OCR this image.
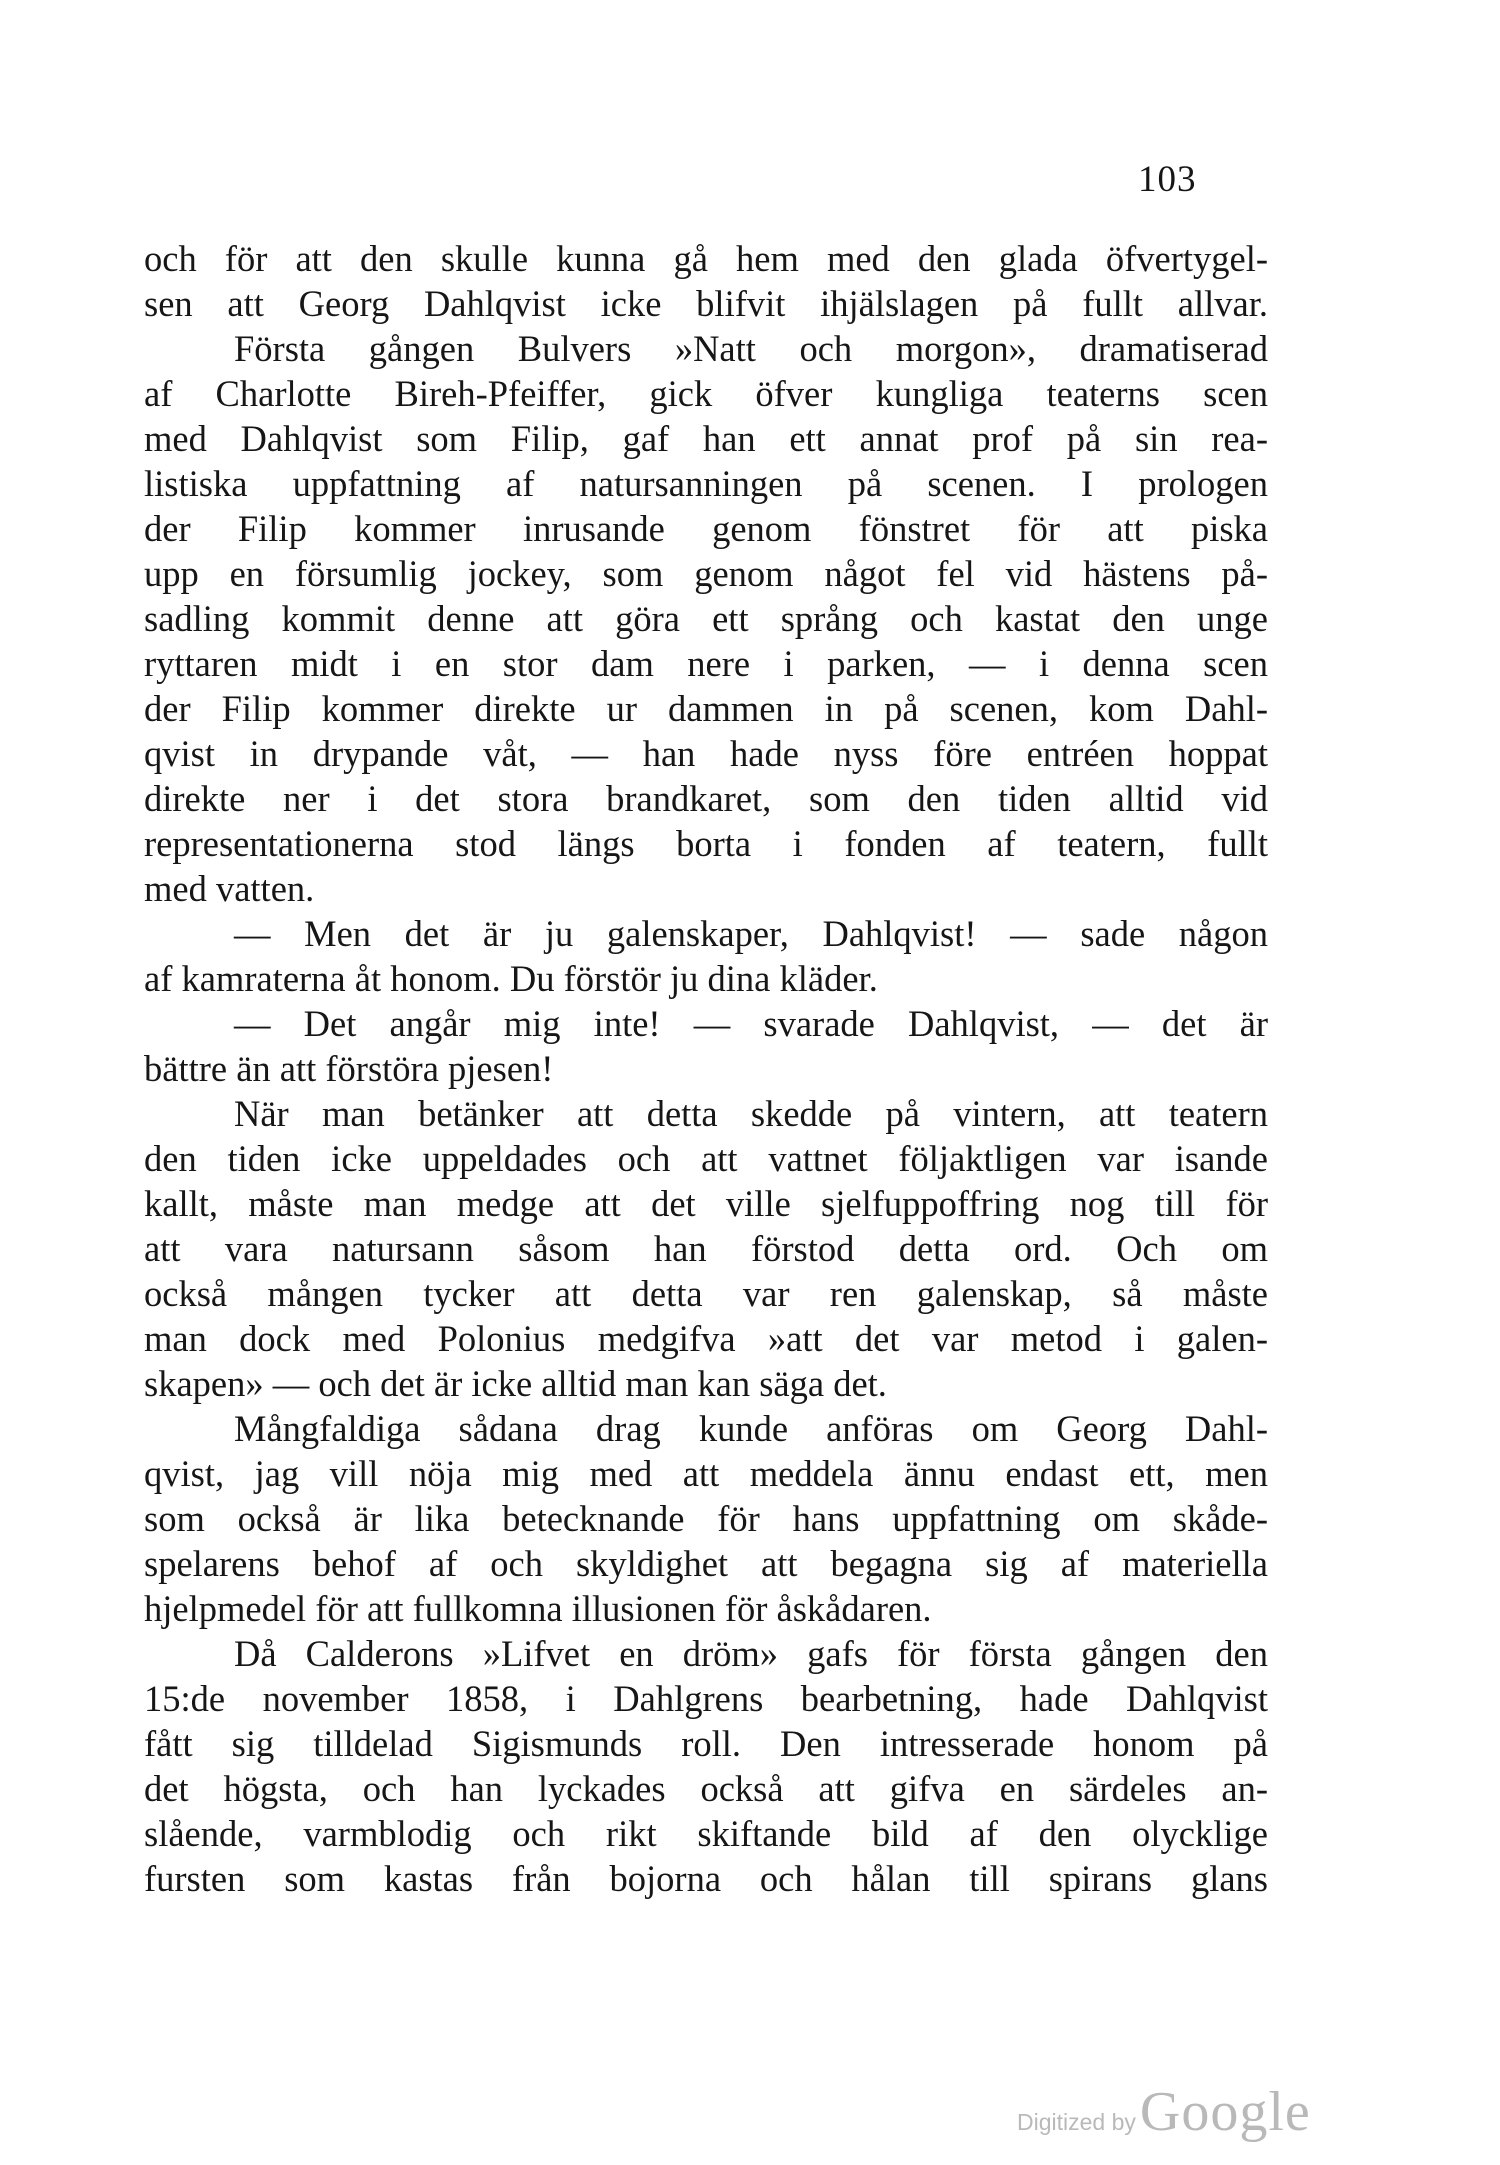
103
och för att den skulle kunna gå hem med den glada öfvertygel-
sen att Georg Dahlqvist icke blifvit ihjälslagen på fullt allvar.
Första gången Bulvers »Natt och morgon», dramatiserad
af Charlotte Bireh-Pfeiffer, gick öfver kungliga teaterns scen
med Dahlqvist som Filip, gaf han ett annat prof på sin rea-
listiska uppfattning af natursanningen på scenen. I prologen
der Filip kommer inrusande genom fönstret för att piska
upp en försumlig jockey, som genom något fel vid hästens på-
sadling kommit denne att göra ett språng och kastat den unge
ryttaren midt i en stor dam nere i parken, — i denna scen
der Filip kommer direkte ur dammen in på scenen, kom Dahl-
qvist in drypande våt, — han hade nyss före entréen hoppat
direkte ner i det stora brandkaret, som den tiden alltid vid
representationerna stod längs borta i fonden af teatern, fullt
med vatten.
— Men det är ju galenskaper, Dahlqvist! — sade någon
af kamraterna åt honom. Du förstör ju dina kläder.
— Det angår mig inte! — svarade Dahlqvist, — det är
bättre än att förstöra pjesen!
När man betänker att detta skedde på vintern, att teatern
den tiden icke uppeldades och att vattnet följaktligen var isande
kallt, måste man medge att det ville sjelfuppoffring nog till för
att vara natursann såsom han förstod detta ord. Och om
också mången tycker att detta var ren galenskap, så måste
man dock med Polonius medgifva »att det var metod i galen-
skapen» — och det är icke alltid man kan säga det.
Mångfaldiga sådana drag kunde anföras om Georg Dahl-
qvist, jag vill nöja mig med att meddela ännu endast ett, men
som också är lika betecknande för hans uppfattning om skåde-
spelarens behof af och skyldighet att begagna sig af materiella
hjelpmedel för att fullkomna illusionen för åskådaren.
Då Calderons »Lifvet en dröm» gafs för första gången den
15:de november 1858, i Dahlgrens bearbetning, hade Dahlqvist
fått sig tilldelad Sigismunds roll. Den intresserade honom på
det högsta, och han lyckades också att gifva en särdeles an-
slående, varmblodig och rikt skiftande bild af den olycklige
fursten som kastas från bojorna och hålan till spirans glans
Digitized by Google
